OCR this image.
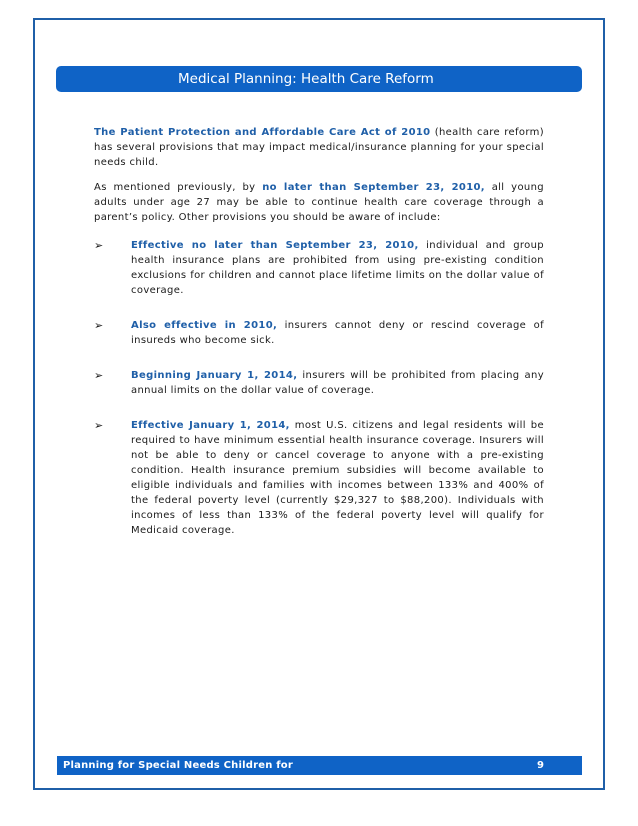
Medical Planning: Health Care Reform

The Patient Protection and Affordable Care Act of 2010 (health care reform) has several provisions that may impact medical/insurance planning for your special needs child.

As mentioned previously, by no later than September 23, 2010, all young adults under age 27 may be able to continue health care coverage through a parent’s policy. Other provisions you should be aware of include:

➢	Effective no later than September 23, 2010, individual and group health insurance plans are prohibited from using pre-existing condition exclusions for children and cannot place lifetime limits on the dollar value of coverage.

➢	Also effective in 2010, insurers cannot deny or rescind coverage of insureds who become sick.

➢	Beginning January 1, 2014, insurers will be prohibited from placing any annual limits on the dollar value of coverage.

➢	Effective January 1, 2014, most U.S. citizens and legal residents will be required to have minimum essential health insurance coverage. Insurers will not be able to deny or cancel coverage to anyone with a pre-existing condition. Health insurance premium subsidies will become available to eligible individuals and families with incomes between 133% and 400% of the federal poverty level (currently $29,327 to $88,200). Individuals with incomes of less than 133% of the federal poverty level will qualify for Medicaid coverage.

Planning for Special Needs Children for	9
